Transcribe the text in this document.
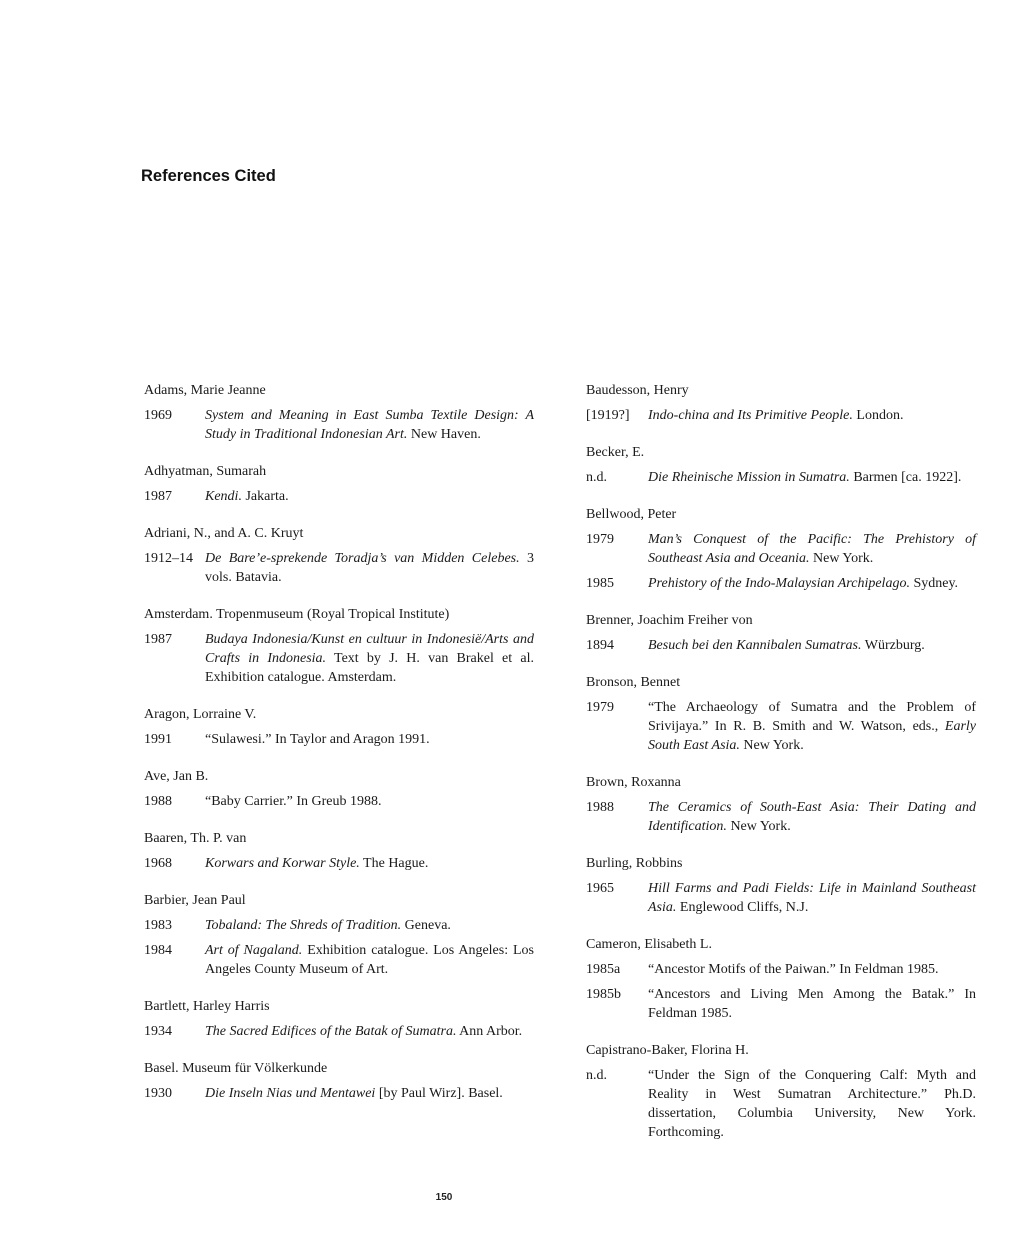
References Cited

Adams, Marie Jeanne

1969	System and Meaning in East Sumba Textile Design: A Study in Traditional Indonesian Art. New Haven.

Adhyatman, Sumarah

1987	Kendi. Jakarta.

Adriani, N., and A. C. Kruyt

1912–14 De Bare’e-sprekende Toradja’s van Midden Celebes. 3 vols. Batavia.

Amsterdam. Tropenmuseum (Royal Tropical Institute)

1987	Budaya Indonesia/Kunst en cultuur in Indonesië/Arts and Crafts in Indonesia. Text by J. H. van Brakel et al. Exhibition catalogue. Amsterdam.

Aragon, Lorraine V.

1991	“Sulawesi.” In Taylor and Aragon 1991.

Ave, Jan B.

1988	“Baby Carrier.” In Greub 1988.

Baaren, Th. P. van

1968	Korwars and Korwar Style. The Hague.

Barbier, Jean Paul

1983	Tobaland: The Shreds of Tradition. Geneva.
1984	Art of Nagaland. Exhibition catalogue. Los Angeles: Los Angeles County Museum of Art.

Bartlett, Harley Harris

1934	The Sacred Edifices of the Batak of Sumatra. Ann Arbor.

Basel. Museum für Völkerkunde

1930	Die Inseln Nias und Mentawei [by Paul Wirz]. Basel.

Baudesson, Henry

[1919?]	Indo-china and Its Primitive People. London.

Becker, E.

n.d.	Die Rheinische Mission in Sumatra. Barmen [ca. 1922].

Bellwood, Peter

1979	Man’s Conquest of the Pacific: The Prehistory of Southeast Asia and Oceania. New York.
1985	Prehistory of the Indo-Malaysian Archipelago. Sydney.

Brenner, Joachim Freiher von

1894	Besuch bei den Kannibalen Sumatras. Würzburg.

Bronson, Bennet

1979	“The Archaeology of Sumatra and the Problem of Srivijaya.” In R. B. Smith and W. Watson, eds., Early South East Asia. New York.

Brown, Roxanna

1988	The Ceramics of South-East Asia: Their Dating and Identification. New York.

Burling, Robbins

1965	Hill Farms and Padi Fields: Life in Mainland Southeast Asia. Englewood Cliffs, N.J.

Cameron, Elisabeth L.

1985a	“Ancestor Motifs of the Paiwan.” In Feldman 1985.
1985b	“Ancestors and Living Men Among the Batak.” In Feldman 1985.

Capistrano-Baker, Florina H.

n.d.	“Under the Sign of the Conquering Calf: Myth and Reality in West Sumatran Architecture.” Ph.D. dissertation, Columbia University, New York. Forthcoming.
150
